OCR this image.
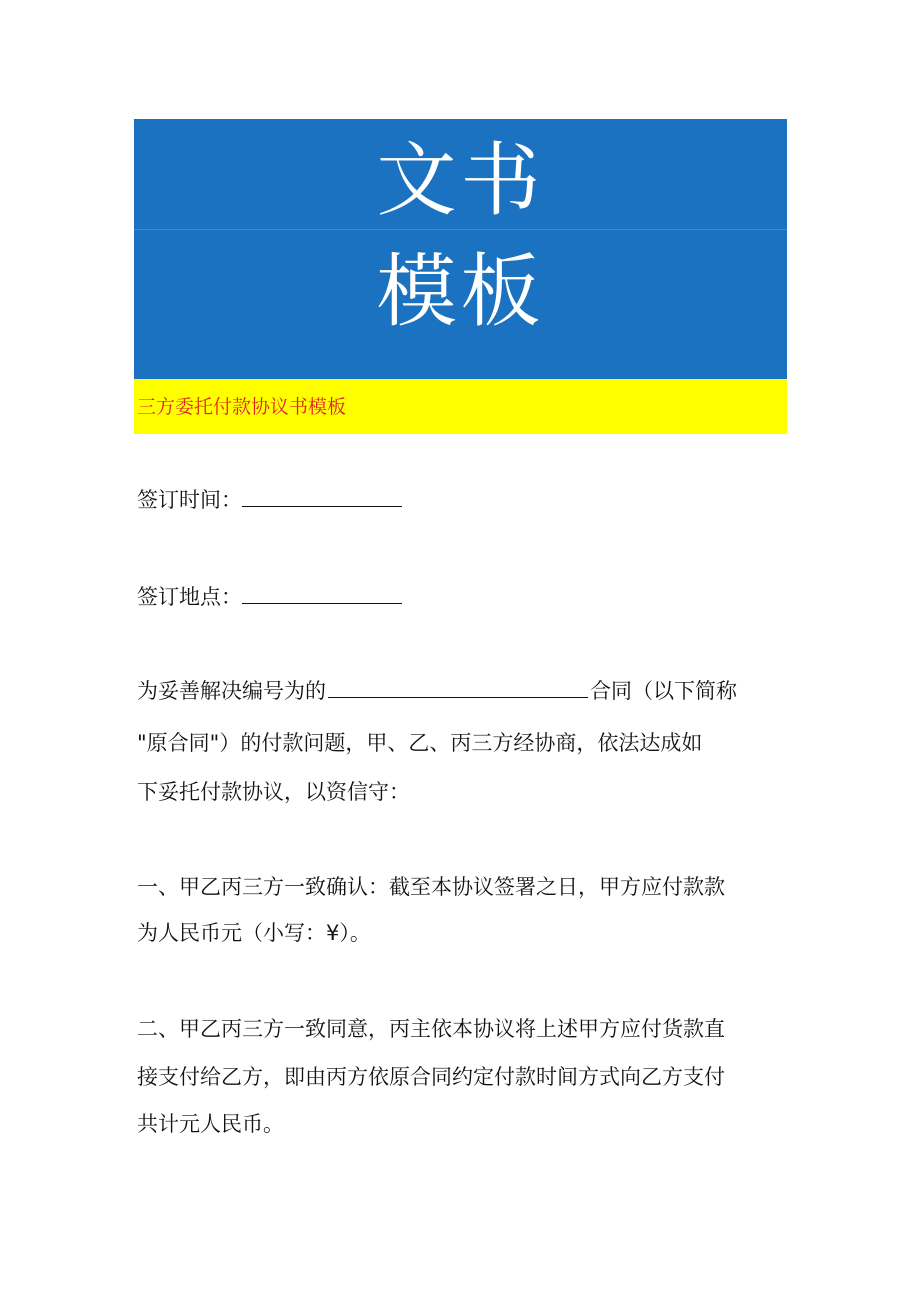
文书
模板
三方委托付款协议书模板
签订时间：
签订地点：
为妥善解决编号为的	合同（以下简称
"原合同"）的付款问题，甲、乙、丙三方经协商，依法达成如
下妥托付款协议，以资信守：
一、甲乙丙三方一致确认：截至本协议签署之日，甲方应付款款
为人民币元（小写：¥）。
二、甲乙丙三方一致同意，丙主依本协议将上述甲方应付货款直
接支付给乙方，即由丙方依原合同约定付款时间方式向乙方支付
共计元人民币。
